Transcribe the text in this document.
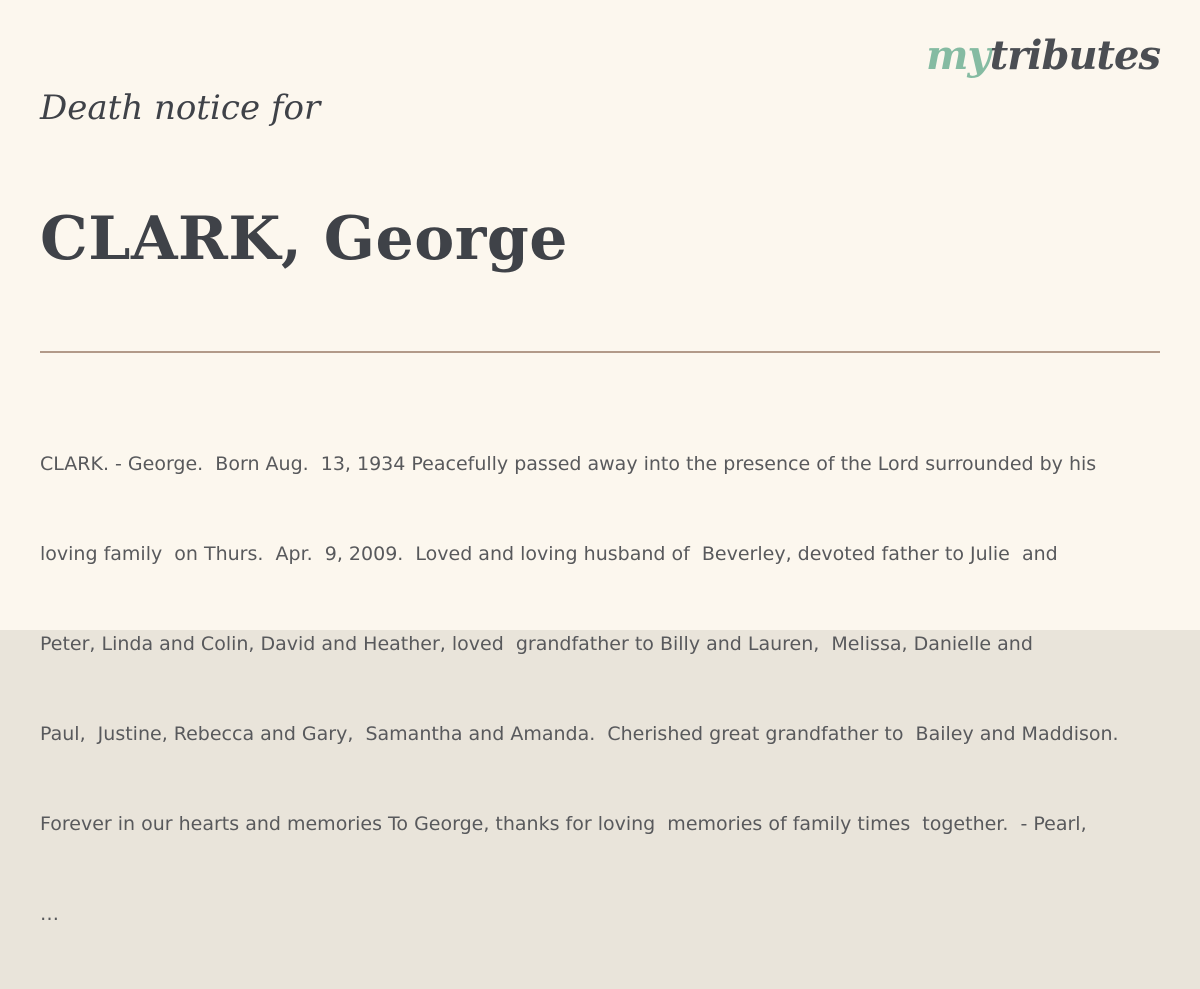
mytributes
Death notice for
CLARK, George

CLARK. - George.  Born Aug.  13, 1934 Peacefully passed away into the presence of the Lord surrounded by his

loving family  on Thurs.  Apr.  9, 2009.  Loved and loving husband of  Beverley, devoted father to Julie  and

Peter, Linda and Colin, David and Heather, loved  grandfather to Billy and Lauren,  Melissa, Danielle and

Paul,  Justine, Rebecca and Gary,  Samantha and Amanda.  Cherished great grandfather to  Bailey and Maddison.

Forever in our hearts and memories To George, thanks for loving  memories of family times  together.  - Pearl,

…
